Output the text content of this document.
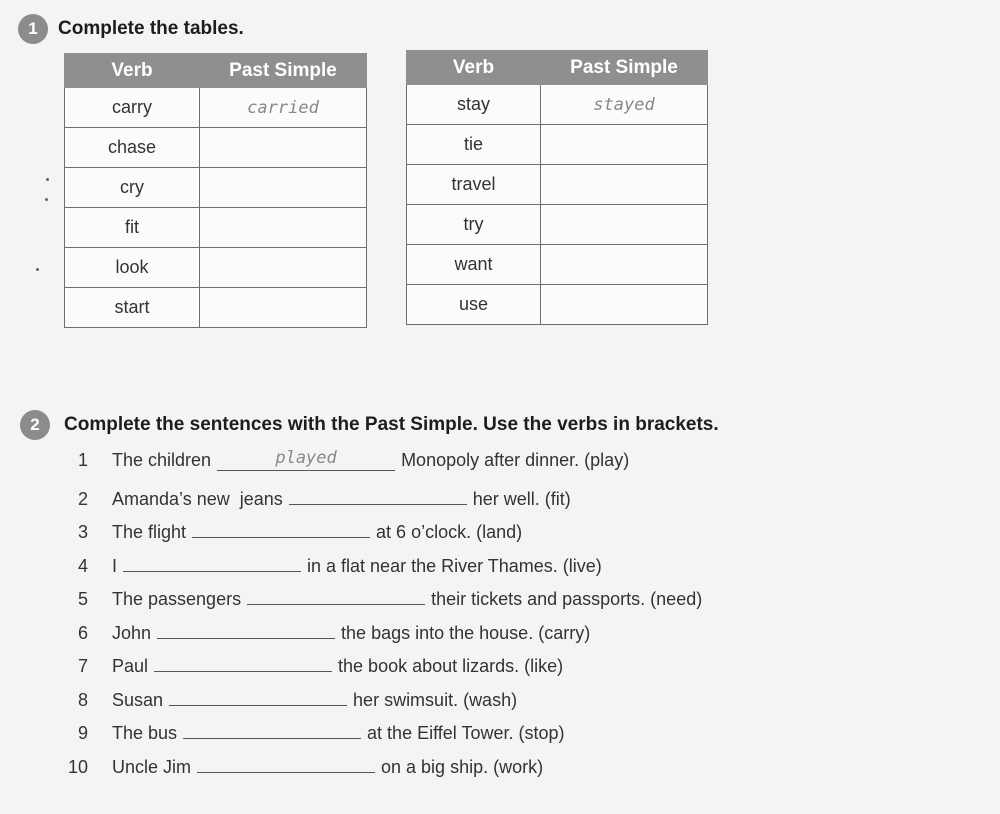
1	Complete the tables.
Verb	Past Simple
carry	carried
chase	
cry	
fit	
look	
start	
Verb	Past Simple
stay	stayed
tie	
travel	
try	
want	
use	
2	Complete the sentences with the Past Simple. Use the verbs in brackets.
1 The children	played	Monopoly after dinner. (play)
2 Amanda’s new  jeans	her well. (fit)
3 The flight	at 6 o’clock. (land)
4 I	in a flat near the River Thames. (live)
5 The passengers	their tickets and passports. (need)
6 John	the bags into the house. (carry)
7 Paul	the book about lizards. (like)
8 Susan	her swimsuit. (wash)
9 The bus	at the Eiffel Tower. (stop)
10 Uncle Jim	on a big ship. (work)
